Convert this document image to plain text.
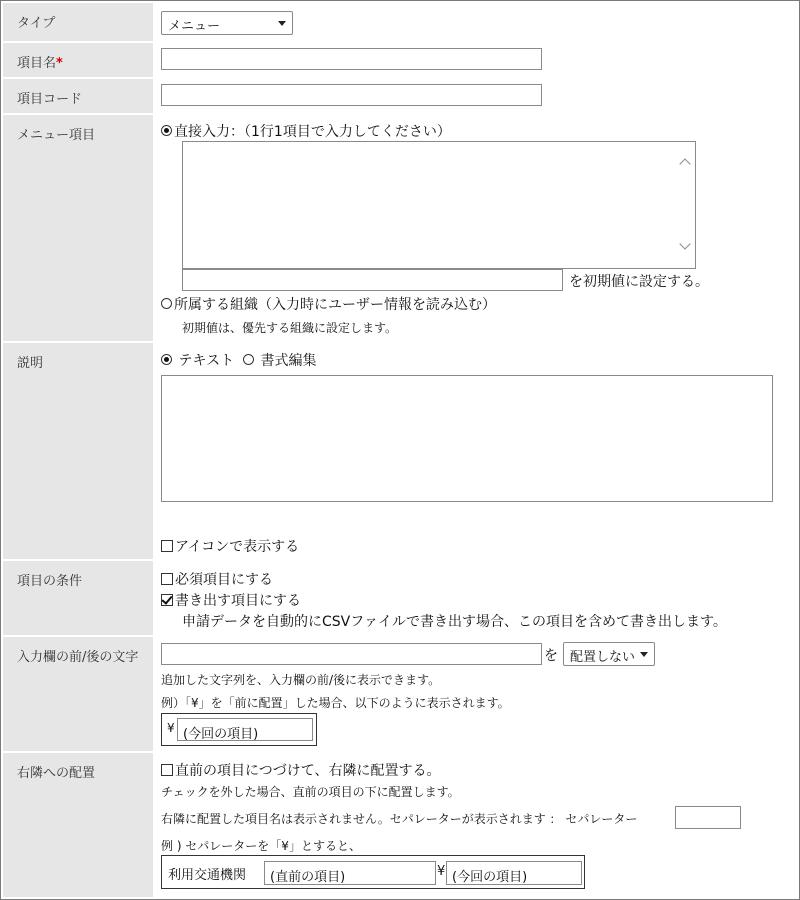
タイプ	メニュー
項目名*
項目コード
メニュー項目	直接入力：（1行1項目で入力してください）
を初期値に設定する。
所属する組織（入力時にユーザー情報を読み込む）
初期値は、優先する組織に設定します。
説明	テキスト 書式編集
アイコンで表示する
項目の条件	必須項目にする
書き出す項目にする
申請データを自動的にCSVファイルで書き出す場合、この項目を含めて書き出します。
入力欄の前/後の文字	を 配置しない
追加した文字列を、入力欄の前/後に表示できます。
例）「¥」を「前に配置」した場合、以下のように表示されます。
¥ (今回の項目)
右隣への配置	直前の項目につづけて、右隣に配置する。
チェックを外した場合、直前の項目の下に配置します。
右隣に配置した項目名は表示されません。セパレーターが表示されます ： セパレーター
例 ) セパレーターを「¥」とすると、
利用交通機関 (直前の項目)	¥ (今回の項目)
